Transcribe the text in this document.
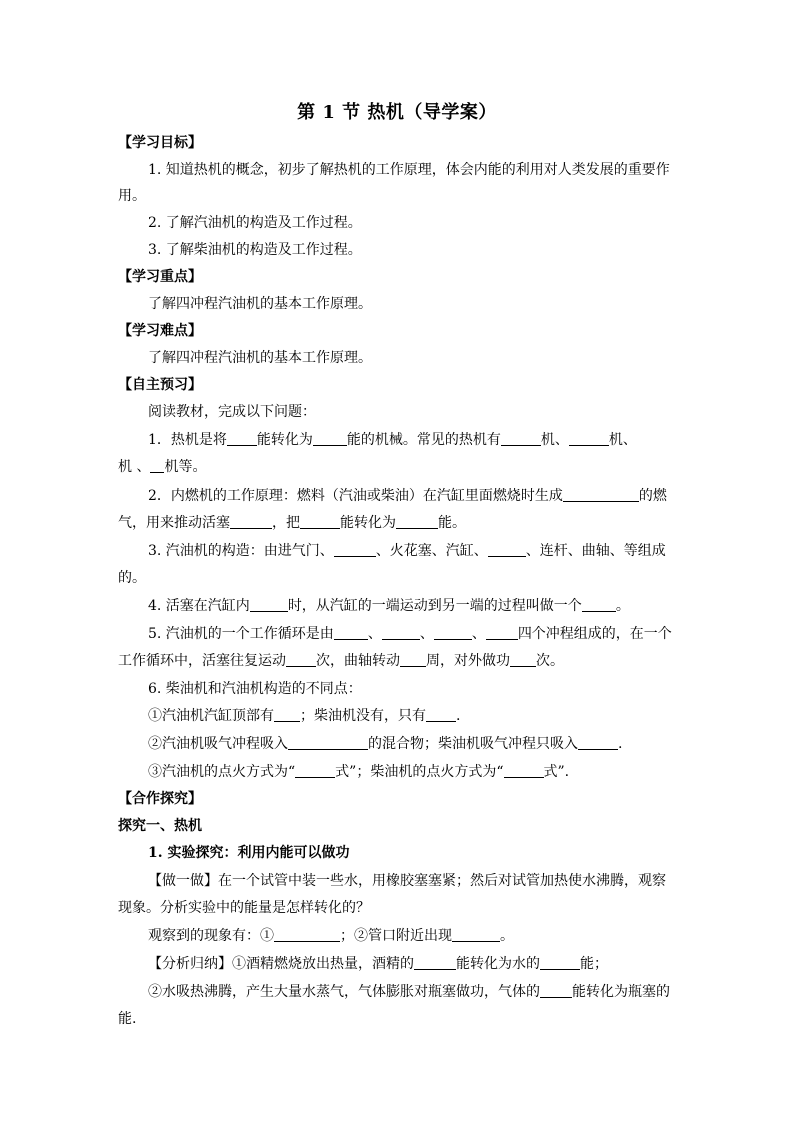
第 1 节 热机（导学案）
【学习目标】
1. 知道热机的概念，初步了解热机的工作原理，体会内能的利用对人类发展的重要作
用。
2. 了解汽油机的构造及工作过程。
3. 了解柴油机的构造及工作过程。
【学习重点】
了解四冲程汽油机的基本工作原理。
【学习难点】
了解四冲程汽油机的基本工作原理。
【自主预习】
阅读教材，完成以下问题：
1．热机是将 能转化为 能的机械。常见的热机有	机、	机、
机 、 机等。
2．内燃机的工作原理：燃料（汽油或柴油）在汽缸里面燃烧时生成	的燃
气，用来推动活塞	，把	能转化为	能。
3. 汽油机的构造：由进气门、	、火花塞、汽缸、	、连杆、曲轴、等组成
的。
4. 活塞在汽缸内	时，从汽缸的一端运动到另一端的过程叫做一个 。
5. 汽油机的一个工作循环是由 、	、	、 四个冲程组成的，在一个
工作循环中，活塞往复运动 次，曲轴转动 周，对外做功 次。
6. 柴油机和汽油机构造的不同点：
①汽油机汽缸顶部有 ；柴油机没有，只有 .
②汽油机吸气冲程吸入	的混合物；柴油机吸气冲程只吸入	.
③汽油机的点火方式为“	式”；柴油机的点火方式为“	式”.
【合作探究】
探究一、热机
1. 实验探究：利用内能可以做功
【做一做】在一个试管中装一些水，用橡胶塞塞紧；然后对试管加热使水沸腾，观察
现象。分析实验中的能量是怎样转化的？
观察到的现象有：①	；②管口附近出现	。
【分析归纳】①酒精燃烧放出热量，酒精的	能转化为水的	能；
②水吸热沸腾，产生大量水蒸气，气体膨胀对瓶塞做功，气体的 能转化为瓶塞的
能.
